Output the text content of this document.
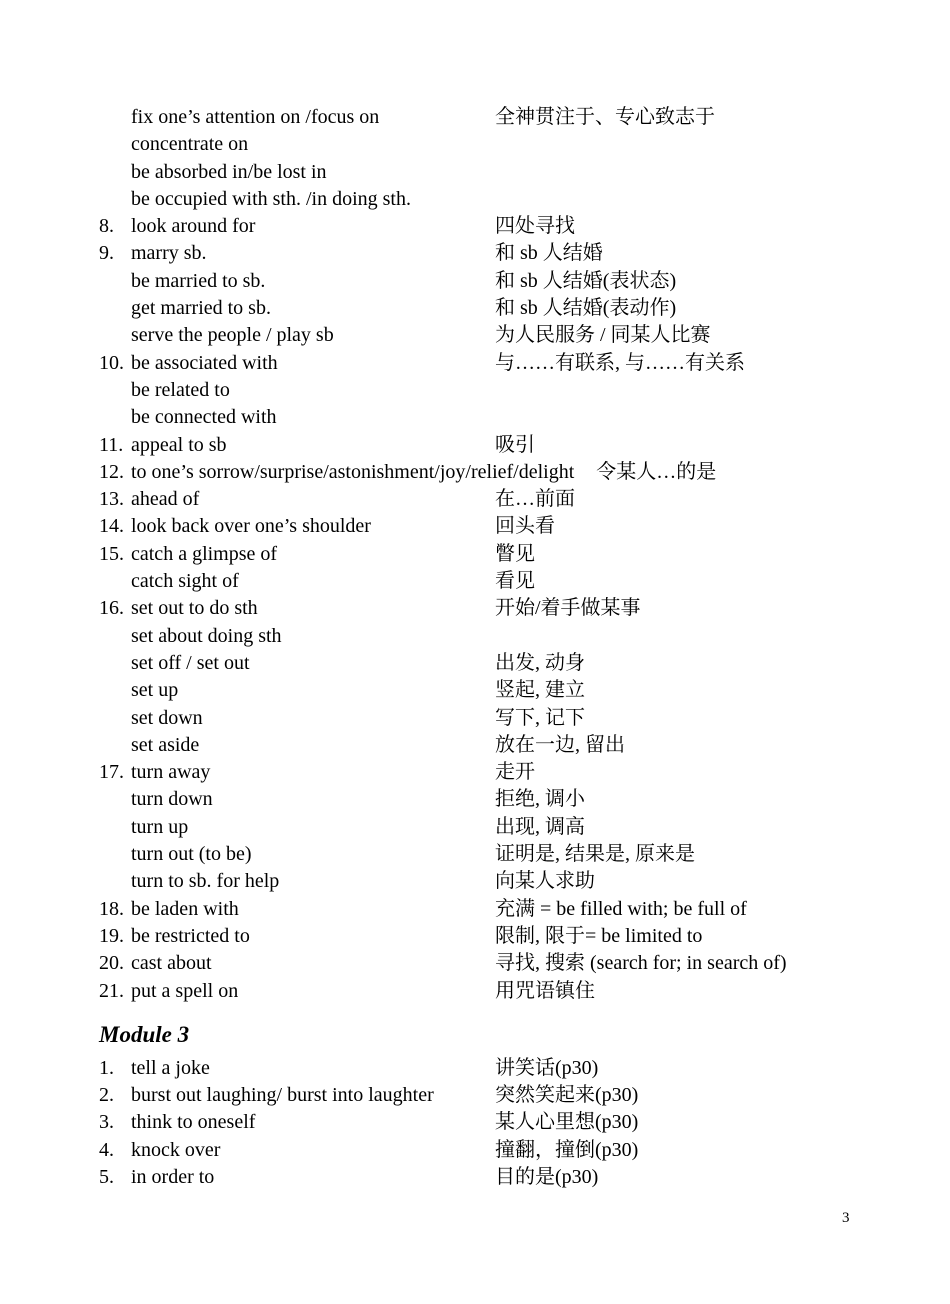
fix one’s attention on /focus on	全神贯注于、专心致志于
concentrate on
be absorbed in/be lost in
be occupied with sth. /in doing sth.
8. look around for	四处寻找
9. marry sb.	和 sb 人结婚
be married to sb.	和 sb 人结婚(表状态)
get married to sb.	和 sb 人结婚(表动作)
serve the people / play sb	为人民服务 / 同某人比赛
10. be associated with	与……有联系, 与……有关系
be related to
be connected with
11. appeal to sb	吸引
12. to one’s sorrow/surprise/astonishment/joy/relief/delight 令某人…的是
13. ahead of	在…前面
14. look back over one’s shoulder	回头看
15. catch a glimpse of	瞥见
catch sight of	看见
16. set out to do sth	开始/着手做某事
set about doing sth
set off / set out	出发, 动身
set up	竖起, 建立
set down	写下, 记下
set aside	放在一边, 留出
17. turn away	走开
turn down	拒绝, 调小
turn up	出现, 调高
turn out (to be)	证明是, 结果是, 原来是
turn to sb. for help	向某人求助
18. be laden with	充满 = be filled with; be full of
19. be restricted to	限制, 限于= be limited to
20. cast about	寻找, 搜索 (search for; in search of)
21. put a spell on	用咒语镇住
Module 3
1. tell a joke	讲笑话(p30)
2. burst out laughing/ burst into laughter	突然笑起来(p30)
3. think to oneself	某人心里想(p30)
4. knock over	撞翻，撞倒(p30)
5. in order to	目的是(p30)
3
